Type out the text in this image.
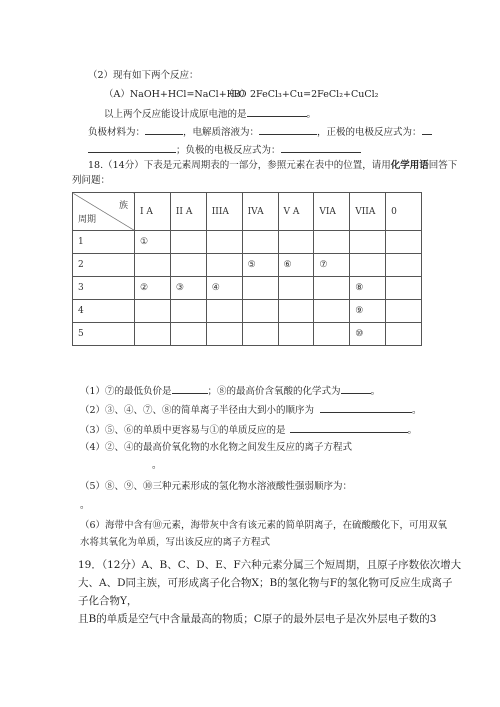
（2）现有如下两个反应：
（A）NaOH+HCl=NaCl+H₂O
（B）2FeCl₃+Cu=2FeCl₂+CuCl₂
以上两个反应能设计成原电池的是	。
负极材料为：	，电解质溶液为：	，正极的电极反应式为：
；负极的电极反应式为：
18.（14分）下表是元素周期表的一部分，参照元素在表中的位置，请用化学用语回答下
列问题：
族
周期	I A	II A	IIIA	IVA	V A	VIA	VIIA	0
1	①							
2				⑤	⑥	⑦		
3	②	③	④				⑧	
4							⑨	
5							⑩	
（1）⑦的最低负价是	；⑧的最高价含氧酸的化学式为	。
（2）③、④、⑦、⑧的简单离子半径由大到小的顺序为	。
（3）⑤、⑥的单质中更容易与①的单质反应的是	。
（4）②、④的最高价氧化物的水化物之间发生反应的离子方程式
。
（5）⑧、⑨、⑩三种元素形成的氢化物水溶液酸性强弱顺序为：
。
（6）海带中含有⑩元素，海带灰中含有该元素的简单阴离子，在硫酸酸化下，可用双氧
水将其氧化为单质，写出该反应的离子方程式
19．（12分）A、B、C、D、E、F六种元素分属三个短周期，且原子序数依次增大
大、A、D同主族，可形成离子化合物X；B的氢化物与F的氢化物可反应生成离子
子化合物Y，
且B的单质是空气中含量最高的物质；C原子的最外层电子是次外层电子数的3
